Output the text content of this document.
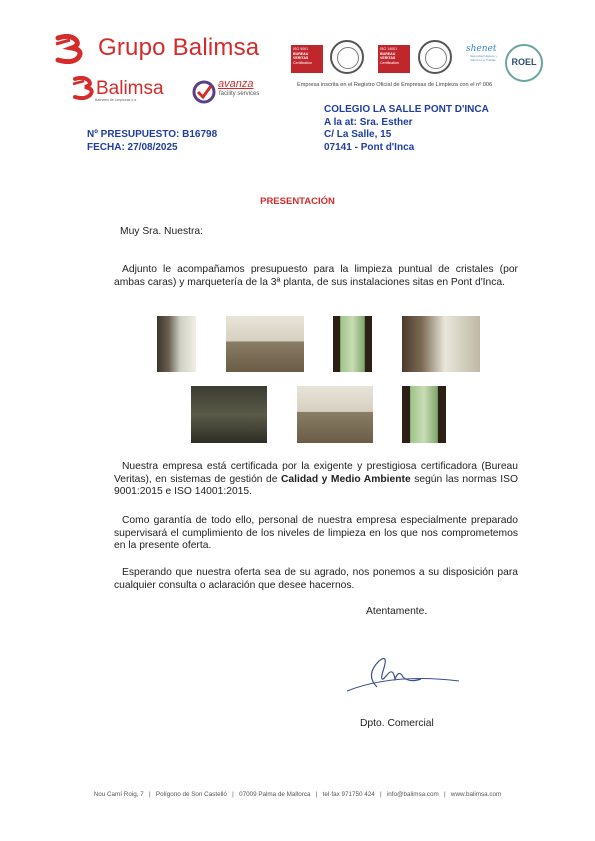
Grupo Balimsa
Balimsa
Baleares de Limpiezas s.a.
avanza
facility services
ISO 9001
BUREAU VERITAS
Certification
ISO 14001
BUREAU VERITAS
Certification
shenet
Seguridad Higiene y Salud en el Trabajo	ROEL
Empresa inscrita en el Registro Oficial de Empresas de Limpieza con el nº 006
Nº PRESUPUESTO: B16798
FECHA: 27/08/2025
COLEGIO LA SALLE PONT D'INCA
A la at: Sra. Esther
C/ La Salle, 15
07141 - Pont d'Inca
PRESENTACIÓN
Muy Sra. Nuestra:
Adjunto le acompañamos presupuesto para la limpieza puntual de cristales (por ambas caras) y marquetería de la 3ª planta, de sus instalaciones sitas en Pont d'Inca.
Nuestra empresa está certificada por la exigente y prestigiosa certificadora (Bureau Veritas), en sistemas de gestión de Calidad y Medio Ambiente según las normas ISO 9001:2015 e ISO 14001:2015.
Como garantía de todo ello, personal de nuestra empresa especialmente preparado supervisará el cumplimiento de los niveles de limpieza en los que nos comprometemos en la presente oferta.
Esperando que nuestra oferta sea de su agrado, nos ponemos a su disposición para cualquier consulta o aclaración que desee hacernos.
Atentamente.
Dpto. Comercial
Nou Camí Roig, 7   |   Polígono de Son Castelló   |   07009 Palma de Mallorca   |   tel·fax 971750 424   |   info@balimsa.com   |   www.balimsa.com
